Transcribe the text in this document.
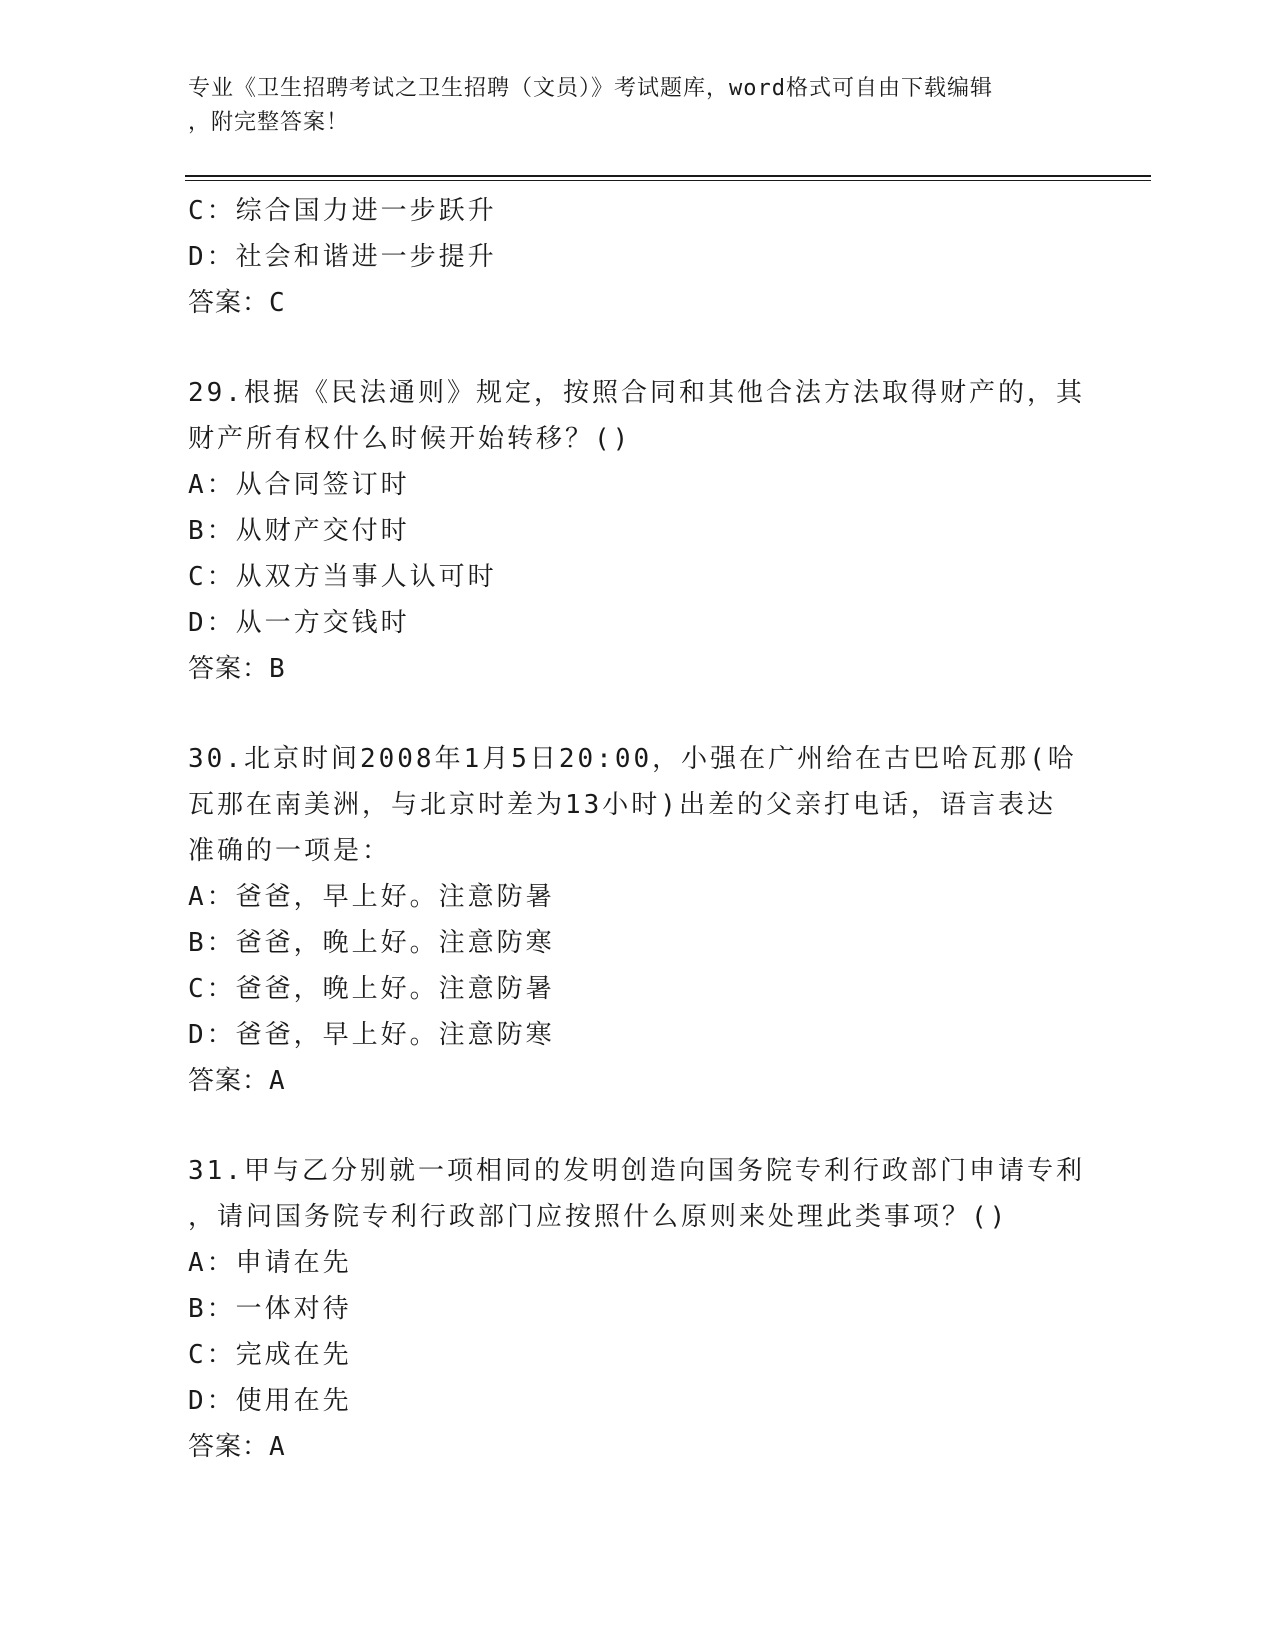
专业《卫生招聘考试之卫生招聘（文员）》考试题库，word格式可自由下载编辑
，附完整答案！
C：综合国力进一步跃升
D：社会和谐进一步提升
答案：C
29.根据《民法通则》规定，按照合同和其他合法方法取得财产的，其
财产所有权什么时候开始转移？()
A：从合同签订时
B：从财产交付时
C：从双方当事人认可时
D：从一方交钱时
答案：B
30.北京时间2008年1月5日20:00，小强在广州给在古巴哈瓦那(哈
瓦那在南美洲，与北京时差为13小时)出差的父亲打电话，语言表达
准确的一项是：
A：爸爸，早上好。注意防暑
B：爸爸，晚上好。注意防寒
C：爸爸，晚上好。注意防暑
D：爸爸，早上好。注意防寒
答案：A
31.甲与乙分别就一项相同的发明创造向国务院专利行政部门申请专利
，请问国务院专利行政部门应按照什么原则来处理此类事项？()
A：申请在先
B：一体对待
C：完成在先
D：使用在先
答案：A
